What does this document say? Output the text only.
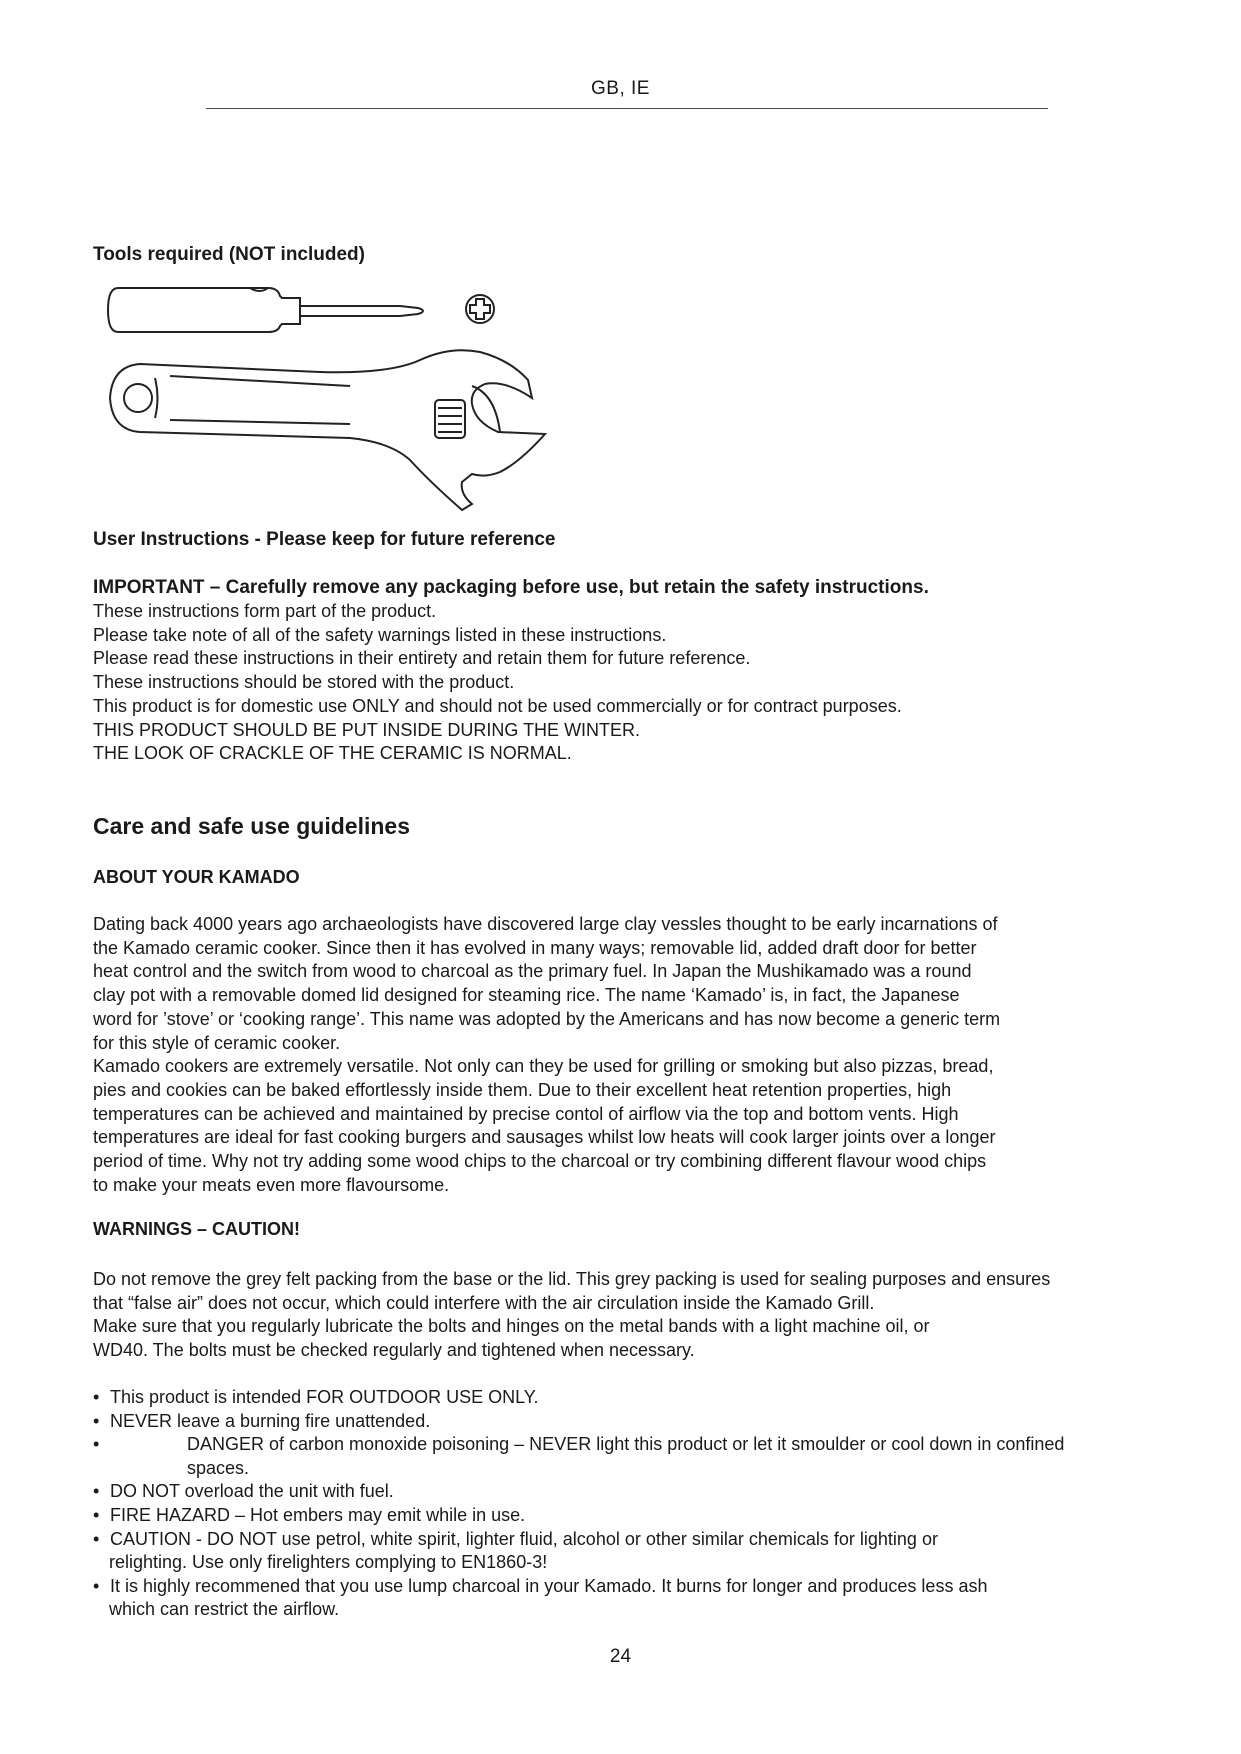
GB, IE
Tools required (NOT included)
User Instructions - Please keep for future reference

IMPORTANT – Carefully remove any packaging before use, but retain the safety instructions.

These instructions form part of the product.

Please take note of all of the safety warnings listed in these instructions.

Please read these instructions in their entirety and retain them for future reference.

These instructions should be stored with the product.

This product is for domestic use ONLY and should not be used commercially or for contract purposes.

THIS PRODUCT SHOULD BE PUT INSIDE DURING THE WINTER.

THE LOOK OF CRACKLE OF THE CERAMIC IS NORMAL.

Care and safe use guidelines
ABOUT YOUR KAMADO

Dating back 4000 years ago archaeologists have discovered large clay vessles thought to be early incarnations of

the Kamado ceramic cooker. Since then it has evolved in many ways; removable lid, added draft door for better

heat control and the switch from wood to charcoal as the primary fuel. In Japan the Mushikamado was a round

clay pot with a removable domed lid designed for steaming rice. The name ‘Kamado’ is, in fact, the Japanese

word for ’stove’ or ‘cooking range’. This name was adopted by the Americans and has now become a generic term

for this style of ceramic cooker.

Kamado cookers are extremely versatile. Not only can they be used for grilling or smoking but also pizzas, bread,

pies and cookies can be baked effortlessly inside them. Due to their excellent heat retention properties, high

temperatures can be achieved and maintained by precise contol of airflow via the top and bottom vents. High

temperatures are ideal for fast cooking burgers and sausages whilst low heats will cook larger joints over a longer

period of time. Why not try adding some wood chips to the charcoal or try combining different flavour wood chips

to make your meats even more flavoursome.

WARNINGS – CAUTION!

Do not remove the grey felt packing from the base or the lid. This grey packing is used for sealing purposes and ensures

that “false air” does not occur, which could interfere with the air circulation inside the Kamado Grill.

Make sure that you regularly lubricate the bolts and hinges on the metal bands with a light machine oil, or

WD40. The bolts must be checked regularly and tightened when necessary.

• This product is intended FOR OUTDOOR USE ONLY.
• NEVER leave a burning fire unattended.
•	DANGER of carbon monoxide poisoning – NEVER light this product or let it smoulder or cool down in confined
spaces.
• DO NOT overload the unit with fuel.
• FIRE HAZARD – Hot embers may emit while in use.
• CAUTION - DO NOT use petrol, white spirit, lighter fluid, alcohol or other similar chemicals for lighting or
relighting. Use only firelighters complying to EN1860-3!
• It is highly recommened that you use lump charcoal in your Kamado. It burns for longer and produces less ash
which can restrict the airflow.
24
